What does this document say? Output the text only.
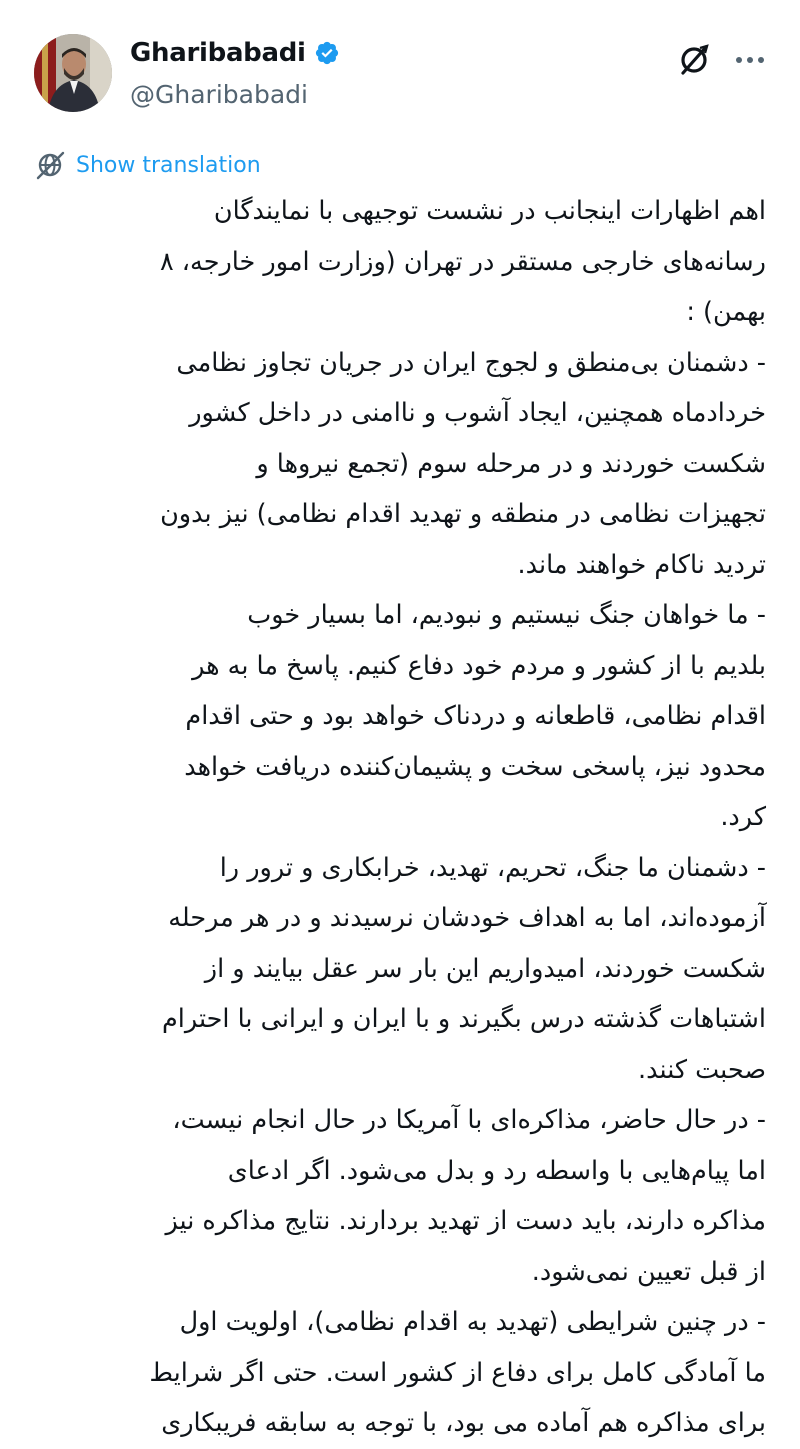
Gharibabadi
@Gharibabadi
Show translation
اهم اظهارات اینجانب در نشست توجیهی با نمایندگان
رسانه‌های خارجی مستقر در تهران (وزارت امور خارجه، ۸
بهمن) :
- دشمنان بی‌منطق و لجوج ایران در جریان تجاوز نظامی
خردادماه همچنین، ایجاد آشوب و ناامنی در داخل کشور
شکست خوردند و در مرحله سوم (تجمع نیروها و
تجهیزات نظامی در منطقه و تهدید اقدام نظامی) نیز بدون
تردید ناکام خواهند ماند.
- ما خواهان جنگ نیستیم و نبودیم، اما بسیار خوب
بلدیم با از کشور و مردم خود دفاع کنیم. پاسخ ما به هر
اقدام نظامی، قاطعانه و دردناک خواهد بود و حتی اقدام
محدود نیز، پاسخی سخت و پشیمان‌کننده دریافت خواهد
کرد.
- دشمنان ما جنگ، تحریم، تهدید، خرابکاری و ترور را
آزموده‌اند، اما به اهداف خودشان نرسیدند و در هر مرحله
شکست خوردند، امیدواریم این بار سر عقل بیایند و از
اشتباهات گذشته درس بگیرند و با ایران و ایرانی با احترام
صحبت کنند.
- در حال حاضر، مذاکره‌ای با آمریکا در حال انجام نیست،
اما پیام‌هایی با واسطه رد و بدل می‌شود. اگر ادعای
مذاکره دارند، باید دست از تهدید بردارند. نتایج مذاکره نیز
از قبل تعیین نمی‌شود.
- در چنین شرایطی (تهدید به اقدام نظامی)، اولویت اول
ما آمادگی کامل برای دفاع از کشور است. حتی اگر شرایط
برای مذاکره هم آماده می بود، با توجه به سابقه فریبکاری
